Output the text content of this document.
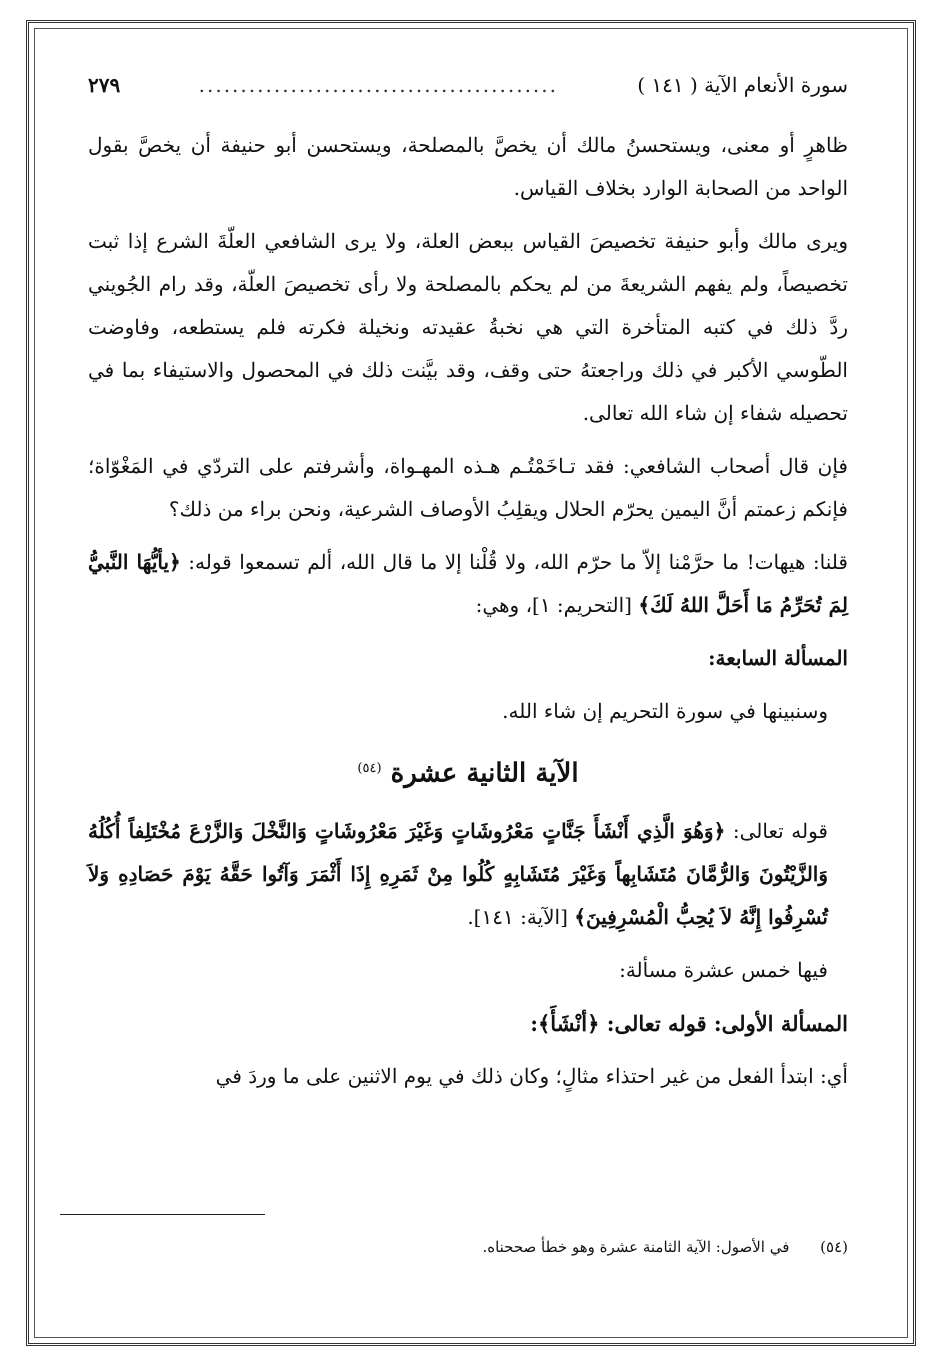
سورة الأنعام الآية ( ١٤١ )
...........................................
٢٧٩

ظاهرٍ أو معنى، ويستحسنُ مالك أن يخصَّ بالمصلحة، ويستحسن أبو حنيفة أن يخصَّ بقول الواحد من الصحابة الوارد بخلاف القياس.

ويرى مالك وأبو حنيفة تخصيصَ القياس ببعض العلة، ولا يرى الشافعي العلّةَ الشرع إذا ثبت تخصيصاً، ولم يفهم الشريعةَ من لم يحكم بالمصلحة ولا رأى تخصيصَ العلّة، وقد رام الجُويني ردَّ ذلك في كتبه المتأخرة التي هي نخبةُ عقيدته ونخيلة فكرته فلم يستطعه، وفاوضت الطّوسي الأكبر في ذلك وراجعتهُ حتى وقف، وقد بيَّنت ذلك في المحصول والاستيفاء بما في تحصيله شفاء إن شاء الله تعالى.

فإن قال أصحاب الشافعي: فقد تـاخَمْتُـم هـذه المهـواة، وأشرفتم على التردّي في المَغْوّاة؛ فإنكم زعمتم أنَّ اليمين يحرّم الحلال ويقلِبُ الأوصاف الشرعية، ونحن براء من ذلك؟

قلنا: هيهات! ما حرَّمْنا إلاّ ما حرّم الله، ولا قُلْنا إلا ما قال الله، ألم تسمعوا قوله: ﴿يأيُّهَا النَّبيُّ لِمَ تُحَرِّمُ مَا أَحَلَّ اللهُ لَكَ﴾ [التحريم: ١]، وهي:

المسألة السابعة:

وسنبينها في سورة التحريم إن شاء الله.

الآية الثانية عشرة $^{(٥٤)}$

قوله تعالى: ﴿وَهُوَ الَّذِي أَنْشَأَ جَنَّاتٍ مَعْرُوشَاتٍ وَغَيْرَ مَعْرُوشَاتٍ وَالنَّخْلَ وَالزَّرْعَ مُخْتَلِفاً أُكُلُهُ وَالزَّيْتُونَ وَالرُّمَّانَ مُتَشَابِهاً وَغَيْرَ مُتَشَابِهٍ كُلُوا مِنْ ثَمَرِهِ إِذَا أَثْمَرَ وَآتُوا حَقَّهُ يَوْمَ حَصَادِهِ وَلاَ تُسْرِفُوا إِنَّهُ لاَ يُحِبُّ الْمُسْرِفِينَ﴾ [الآية: ١٤١].

فيها خمس عشرة مسألة:

المسألة الأولى: قوله تعالى: ﴿أنْشَأَ﴾:

أي: ابتدأ الفعل من غير احتذاء مثالٍ؛ وكان ذلك في يوم الاثنين على ما وردَ في

(٥٤) في الأصول: الآية الثامنة عشرة وهو خطأ صححناه.
